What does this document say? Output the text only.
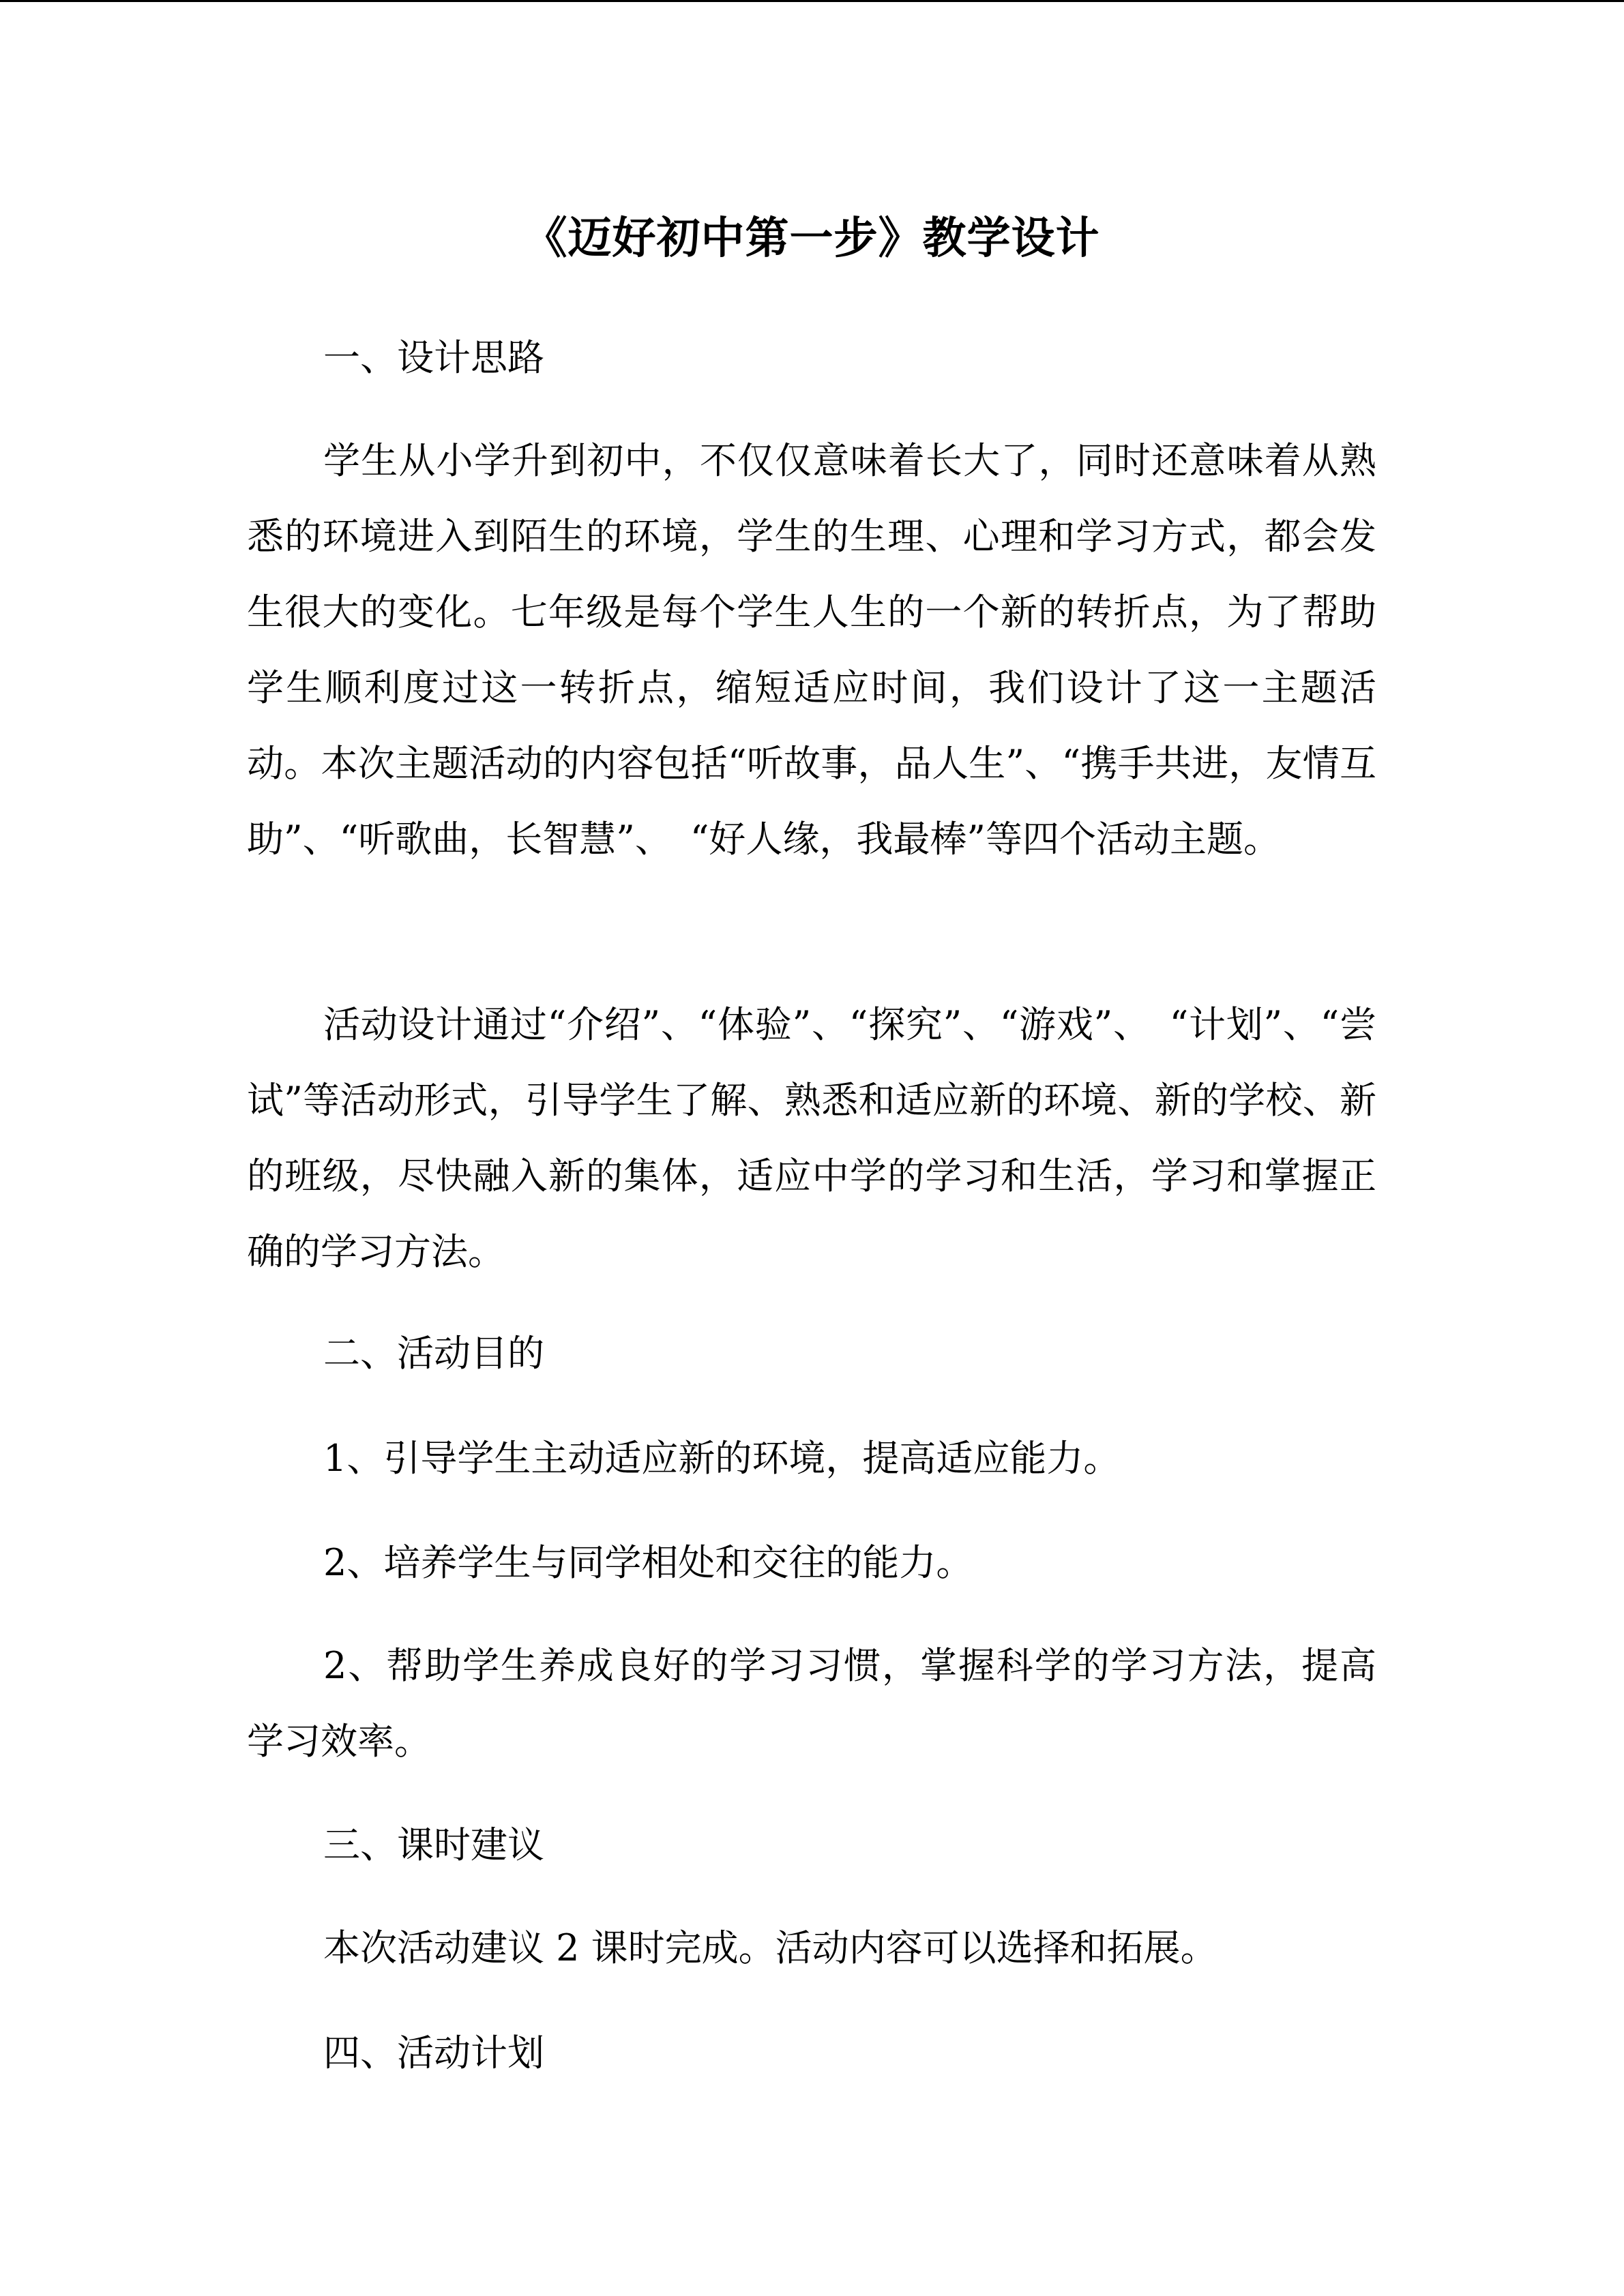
《迈好初中第一步》教学设计
一、设计思路
学生从小学升到初中，不仅仅意味着长大了，同时还意味着从熟悉的环境进入到陌生的环境，学生的生理、心理和学习方式，都会发生很大的变化。七年级是每个学生人生的一个新的转折点，为了帮助学生顺利度过这一转折点，缩短适应时间，我们设计了这一主题活动。本次主题活动的内容包括“听故事，品人生”、“携手共进，友情互助”、“听歌曲，长智慧”、　“好人缘，我最棒”等四个活动主题。
活动设计通过“介绍”、“体验”、“探究”、“游戏”、　“计划”、“尝试”等活动形式，引导学生了解、熟悉和适应新的环境、新的学校、新的班级，尽快融入新的集体，适应中学的学习和生活，学习和掌握正确的学习方法。
二、活动目的
1、引导学生主动适应新的环境，提高适应能力。
2、培养学生与同学相处和交往的能力。
2、帮助学生养成良好的学习习惯，掌握科学的学习方法，提高学习效率。
三、课时建议
本次活动建议 2 课时完成。活动内容可以选择和拓展。
四、活动计划
